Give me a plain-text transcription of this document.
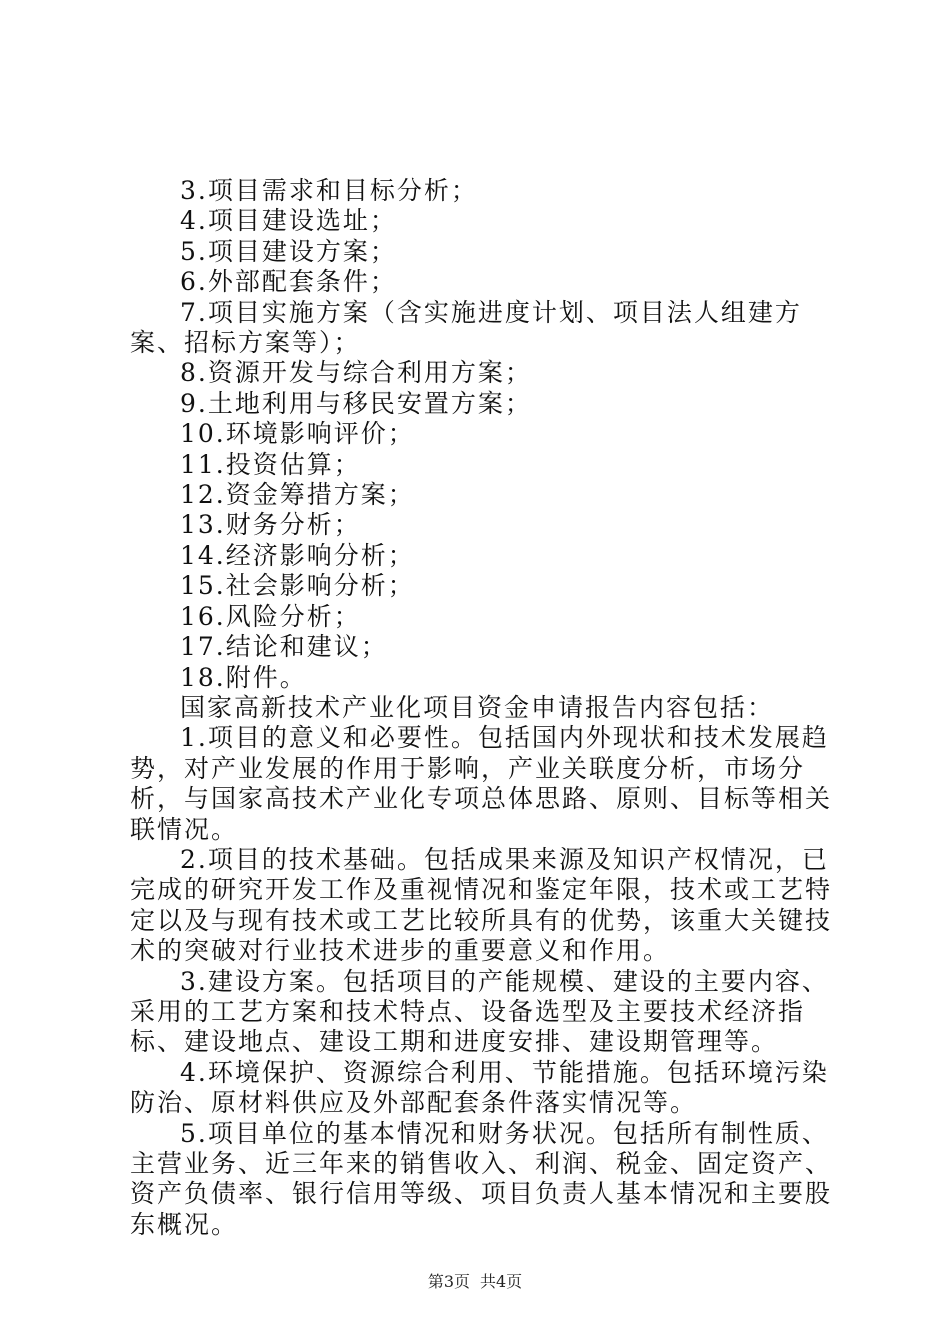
3.项目需求和目标分析；

4.项目建设选址；

5.项目建设方案；

6.外部配套条件；

7.项目实施方案（含实施进度计划、项目法人组建方案、招标方案等）；

8.资源开发与综合利用方案；

9.土地利用与移民安置方案；

10.环境影响评价；

11.投资估算；

12.资金筹措方案；

13.财务分析；

14.经济影响分析；

15.社会影响分析；

16.风险分析；

17.结论和建议；

18.附件。

国家高新技术产业化项目资金申请报告内容包括：

1.项目的意义和必要性。包括国内外现状和技术发展趋势，对产业发展的作用于影响，产业关联度分析，市场分析，与国家高技术产业化专项总体思路、原则、目标等相关联情况。

2.项目的技术基础。包括成果来源及知识产权情况，已完成的研究开发工作及重视情况和鉴定年限，技术或工艺特定以及与现有技术或工艺比较所具有的优势，该重大关键技术的突破对行业技术进步的重要意义和作用。

3.建设方案。包括项目的产能规模、建设的主要内容、采用的工艺方案和技术特点、设备选型及主要技术经济指标、建设地点、建设工期和进度安排、建设期管理等。

4.环境保护、资源综合利用、节能措施。包括环境污染防治、原材料供应及外部配套条件落实情况等。

5.项目单位的基本情况和财务状况。包括所有制性质、主营业务、近三年来的销售收入、利润、税金、固定资产、资产负债率、银行信用等级、项目负责人基本情况和主要股东概况。

第3页 共4页
